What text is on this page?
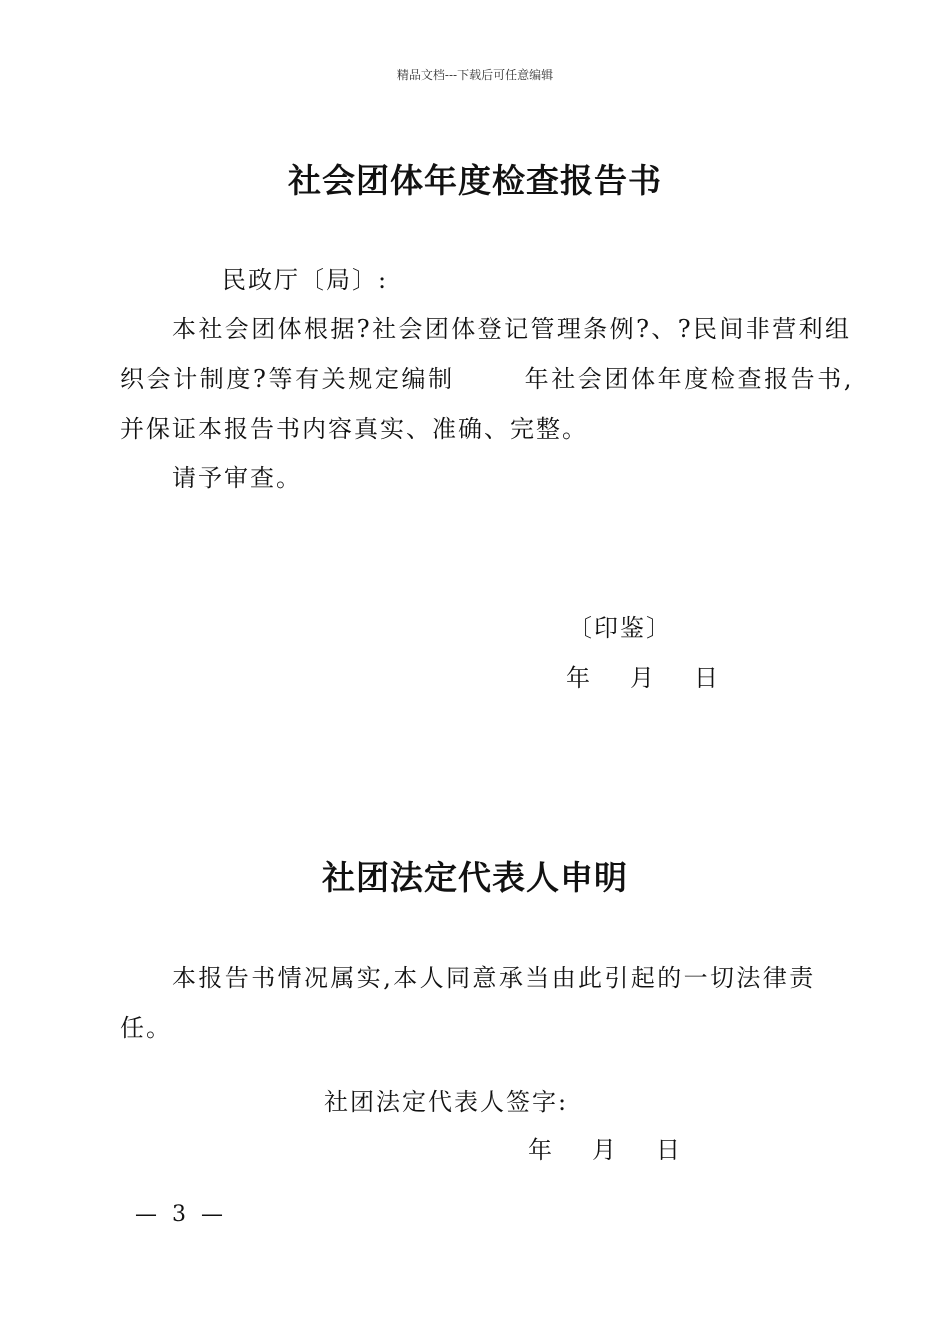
精品文档---下载后可任意编辑
社会团体年度检查报告书
民政厅〔局〕:
本社会团体根据?社会团体登记管理条例?、?民间非营利组
织会计制度?等有关规定编制	年社会团体年度检查报告书,
并保证本报告书内容真实、准确、完整。
请予审查。
〔印鉴〕
年 月 日
社团法定代表人申明
本报告书情况属实,本人同意承当由此引起的一切法律责
任。
社团法定代表人签字:
年 月 日
— 3 —
